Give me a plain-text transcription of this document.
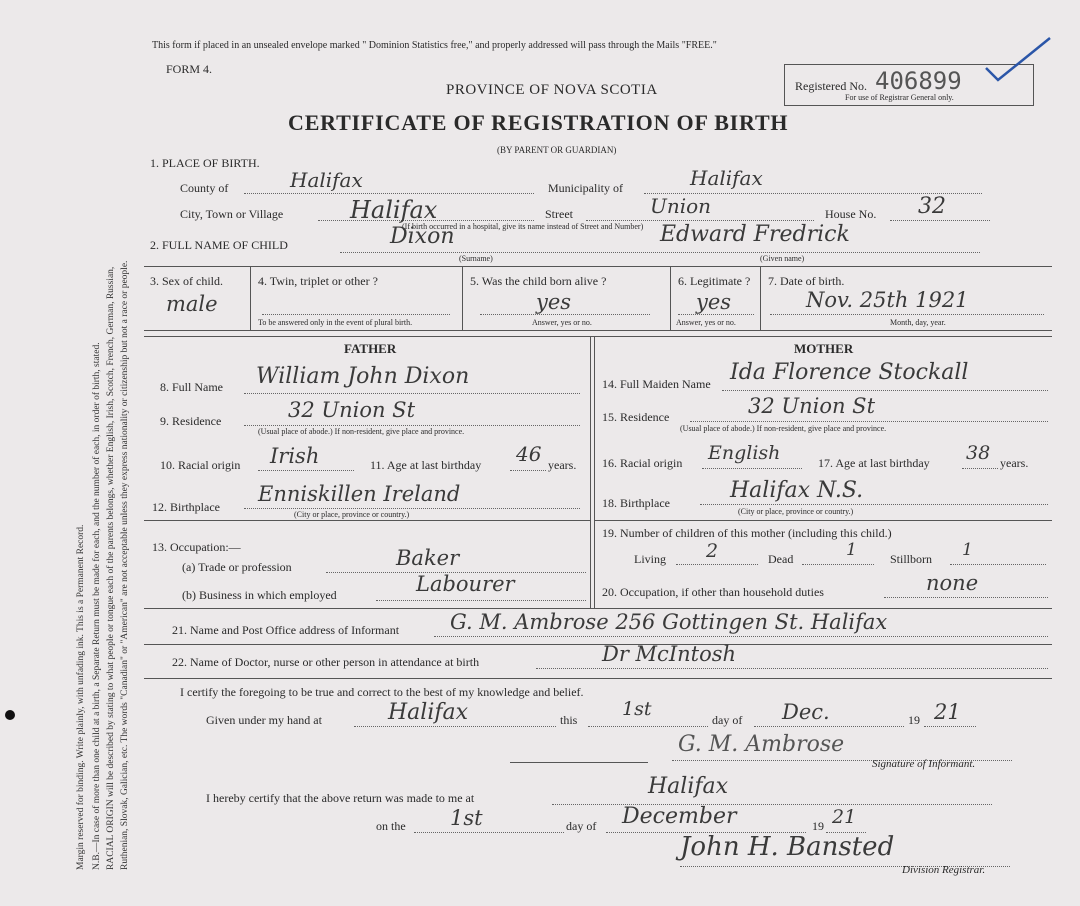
Margin reserved for binding. Write plainly, with unfading ink. This is a Permanent Record. N.B.—In case of more than one child at a birth, a Separate Return must be made for each, and the number of each, in order of birth, stated. RACIAL ORIGIN will be described by stating to what people or tongue each of the parents belongs, whether English, Irish, Scotch, French, German, Russian, Ruthenian, Slovak, Galician, etc. The words "Canadian" or "American" are not acceptable unless they express nationality or citizenship but not a race or people.
This form if placed in an unsealed envelope marked " Dominion Statistics free," and properly addressed will pass through the Mails "FREE."
FORM 4.
PROVINCE OF NOVA SCOTIA
CERTIFICATE OF REGISTRATION OF BIRTH
(BY PARENT OR GUARDIAN)
Registered No. 406899
For use of Registrar General only.
1. PLACE OF BIRTH.
County of	Halifax	Municipality of	Halifax
City, Town or Village	Halifax	Street	Union	House No. 32
(If birth occurred in a hospital, give its name instead of Street and Number)
2. FULL NAME OF CHILD	Dixon	Edward Fredrick
(Surname)	(Given name)
3. Sex of child.
male
4. Twin, triplet or other ?
To be answered only in the event of plural birth.
5. Was the child born alive ?
yes
Answer, yes or no.
6. Legitimate ?
yes
Answer, yes or no.
7. Date of birth.
Nov. 25th 1921
Month, day, year.
FATHER	MOTHER
8. Full Name William John Dixon
9. Residence	32 Union St
(Usual place of abode.) If non-resident, give place and province.
10. Racial origin Irish	11. Age at last birthday 46 years.
12. Birthplace
Enniskillen Ireland
(City or place, province or country.)
13. Occupation:—
(a) Trade or profession	Baker
(b) Business in which employed	Labourer
14. Full Maiden Name Ida Florence Stockall
15. Residence	32 Union St
(Usual place of abode.) If non-resident, give place and province.
16. Racial origin English	17. Age at last birthday 38 years.
18. Birthplace	Halifax N.S.
(City or place, province or country.)
19. Number of children of this mother (including this child.)
Living 2	Dead	1	Stillborn 1
20. Occupation, if other than household duties	none
21. Name and Post Office address of Informant G. M. Ambrose 256 Gottingen St. Halifax
22. Name of Doctor, nurse or other person in attendance at birth	Dr McIntosh
I certify the foregoing to be true and correct to the best of my knowledge and belief.
Given under my hand at	Halifax	this 1st	day of Dec.	19 21
G. M. Ambrose
Signature of Informant.
I hereby certify that the above return was made to me at	Halifax
on the 1st	day of December	19 21
John H. Bansted
Division Registrar.
